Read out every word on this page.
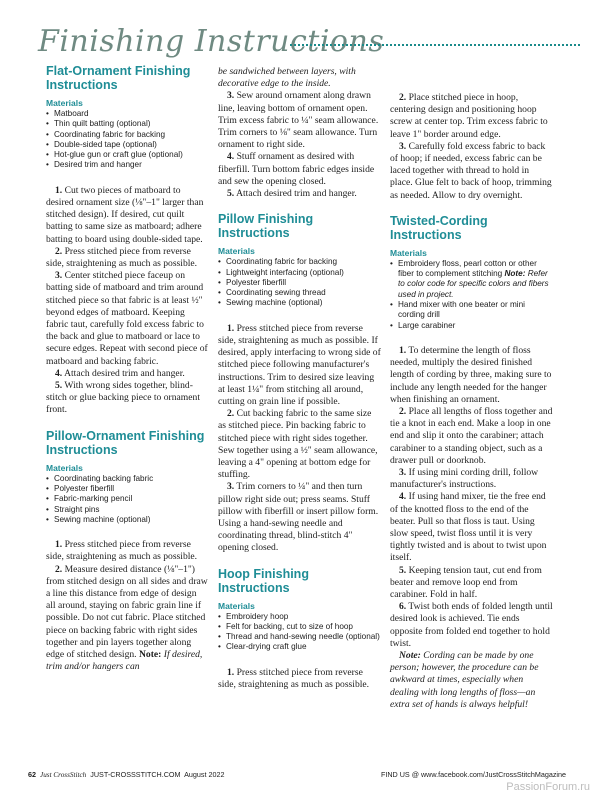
Finishing Instructions
Flat-Ornament Finishing Instructions
Materials
• Matboard
• Thin quilt batting (optional)
• Coordinating fabric for backing
• Double-sided tape (optional)
• Hot-glue gun or craft glue (optional)
• Desired trim and hanger

1. Cut two pieces of matboard to desired ornament size (⅛"–1" larger than stitched design). If desired, cut quilt batting to same size as matboard; adhere batting to board using double-sided tape.

2. Press stitched piece from reverse side, straightening as much as possible.

3. Center stitched piece faceup on batting side of matboard and trim around stitched piece so that fabric is at least ½" beyond edges of matboard. Keeping fabric taut, carefully fold excess fabric to the back and glue to matboard or lace to secure edges. Repeat with second piece of matboard and backing fabric.

4. Attach desired trim and hanger.

5. With wrong sides together, blind-stitch or glue backing piece to ornament front.

Pillow-Ornament Finishing Instructions
Materials
• Coordinating backing fabric
• Polyester fiberfill
• Fabric-marking pencil
• Straight pins
• Sewing machine (optional)

1. Press stitched piece from reverse side, straightening as much as possible.

2. Measure desired distance (⅛"–1") from stitched design on all sides and draw a line this distance from edge of design all around, staying on fabric grain line if possible. Do not cut fabric. Place stitched piece on backing fabric with right sides together and pin layers together along edge of stitched design. Note: If desired, trim and/or hangers can

be sandwiched between layers, with decorative edge to the inside.

3. Sew around ornament along drawn line, leaving bottom of ornament open. Trim excess fabric to ¼" seam allowance. Trim corners to ⅛" seam allowance. Turn ornament to right side.

4. Stuff ornament as desired with fiberfill. Turn bottom fabric edges inside and sew the opening closed.

5. Attach desired trim and hanger.

Pillow Finishing Instructions
Materials
• Coordinating fabric for backing
• Lightweight interfacing (optional)
• Polyester fiberfill
• Coordinating sewing thread
• Sewing machine (optional)

1. Press stitched piece from reverse side, straightening as much as possible. If desired, apply interfacing to wrong side of stitched piece following manufacturer's instructions. Trim to desired size leaving at least 1¼" from stitching all around, cutting on grain line if possible.

2. Cut backing fabric to the same size as stitched piece. Pin backing fabric to stitched piece with right sides together. Sew together using a ½" seam allowance, leaving a 4" opening at bottom edge for stuffing.

3. Trim corners to ¼" and then turn pillow right side out; press seams. Stuff pillow with fiberfill or insert pillow form. Using a hand-sewing needle and coordinating thread, blind-stitch 4" opening closed.

Hoop Finishing Instructions
Materials
• Embroidery hoop
• Felt for backing, cut to size of hoop
• Thread and hand-sewing needle (optional)
• Clear-drying craft glue

1. Press stitched piece from reverse side, straightening as much as possible.

2. Place stitched piece in hoop, centering design and positioning hoop screw at center top. Trim excess fabric to leave 1" border around edge.

3. Carefully fold excess fabric to back of hoop; if needed, excess fabric can be laced together with thread to hold in place. Glue felt to back of hoop, trimming as needed. Allow to dry overnight.

Twisted-Cording Instructions
Materials
• Embroidery floss, pearl cotton or other fiber to complement stitching Note: Refer to color code for specific colors and fibers used in project.
• Hand mixer with one beater or mini cording drill
• Large carabiner

1. To determine the length of floss needed, multiply the desired finished length of cording by three, making sure to include any length needed for the hanger when finishing an ornament.

2. Place all lengths of floss together and tie a knot in each end. Make a loop in one end and slip it onto the carabiner; attach carabiner to a standing object, such as a drawer pull or doorknob.

3. If using mini cording drill, follow manufacturer's instructions.

4. If using hand mixer, tie the free end of the knotted floss to the end of the beater. Pull so that floss is taut. Using slow speed, twist floss until it is very tightly twisted and is about to twist upon itself.

5. Keeping tension taut, cut end from beater and remove loop end from carabiner. Fold in half.

6. Twist both ends of folded length until desired look is achieved. Tie ends opposite from folded end together to hold twist.

Note: Cording can be made by one person; however, the procedure can be awkward at times, especially when dealing with long lengths of floss—an extra set of hands is always helpful!

62 Just CrossStitch JUST-CROSSSTITCH.COM August 2022	FIND US @ www.facebook.com/JustCrossStitchMagazine
PassionForum.ru
